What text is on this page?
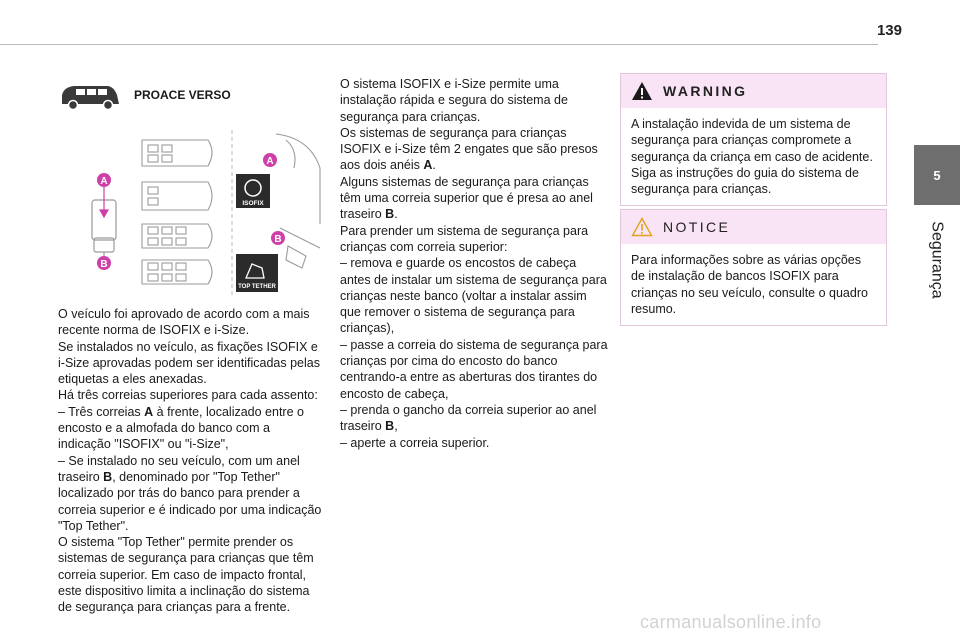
139
5
Segurança
PROACE VERSO
A
B
ISOFIX
TOP TETHER
A
B

O veículo foi aprovado de acordo com a mais recente norma de ISOFIX e i-Size.

Se instalados no veículo, as fixações ISOFIX e i-Size aprovadas podem ser identificadas pelas etiquetas a eles anexadas.

Há três correias superiores para cada assento:

– Três correias A à frente, localizado entre o encosto e a almofada do banco com a indicação "ISOFIX" ou "i-Size",

– Se instalado no seu veículo, com um anel traseiro B, denominado por "Top Tether" localizado por trás do banco para prender a correia superior e é indicado por uma indicação "Top Tether".

O sistema "Top Tether" permite prender os sistemas de segurança para crianças que têm correia superior. Em caso de impacto frontal, este dispositivo limita a inclinação do sistema de segurança para crianças para a frente.

O sistema ISOFIX e i-Size permite uma instalação rápida e segura do sistema de segurança para crianças.

Os sistemas de segurança para crianças ISOFIX e i-Size têm 2 engates que são presos aos dois anéis A.

Alguns sistemas de segurança para crianças têm uma correia superior que é presa ao anel traseiro B.

Para prender um sistema de segurança para crianças com correia superior:

– remova e guarde os encostos de cabeça antes de instalar um sistema de segurança para crianças neste banco (voltar a instalar assim que remover o sistema de segurança para crianças),

– passe a correia do sistema de segurança para crianças por cima do encosto do banco centrando-a entre as aberturas dos tirantes do encosto de cabeça,

– prenda o gancho da correia superior ao anel traseiro B,

– aperte a correia superior.

WARNING
A instalação indevida de um sistema de segurança para crianças compromete a segurança da criança em caso de acidente. Siga as instruções do guia do sistema de segurança para crianças.
NOTICE
Para informações sobre as várias opções de instalação de bancos ISOFIX para crianças no seu veículo, consulte o quadro resumo.
carmanualsonline.info
